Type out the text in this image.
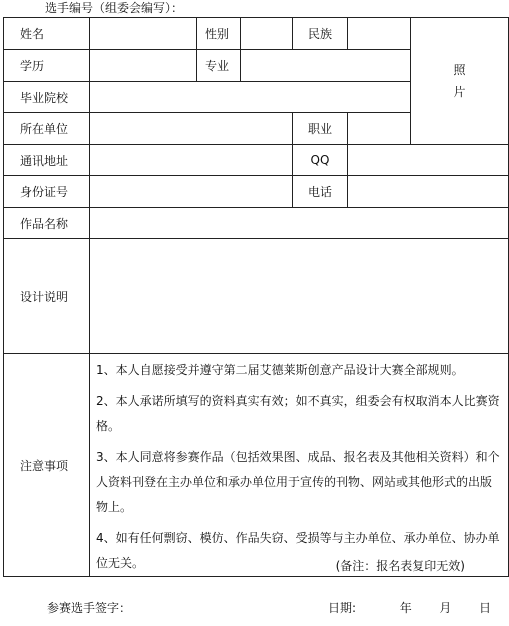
选手编号（组委会编写）：
姓名		性别		民族		照
片

学历		专业				
毕业院校						
所在单位				职业		
通讯地址				QQ		
身份证号				电话		
作品名称						
设计说明						
注意事项	1、本人自愿接受并遵守第二届艾德莱斯创意产品设计大赛全部规则。

2、本人承诺所填写的资料真实有效；如不真实，组委会有权取消本人比赛资格。

3、本人同意将参赛作品（包括效果图、成品、报名表及其他相关资料）和个人资料刊登在主办单位和承办单位用于宣传的刊物、网站或其他形式的出版物上。

4、如有任何剽窃、模仿、作品失窃、受损等与主办单位、承办单位、协办单位无关。						(备注：报名表复印无效)
参赛选手签字：	日期:	年 月 日
